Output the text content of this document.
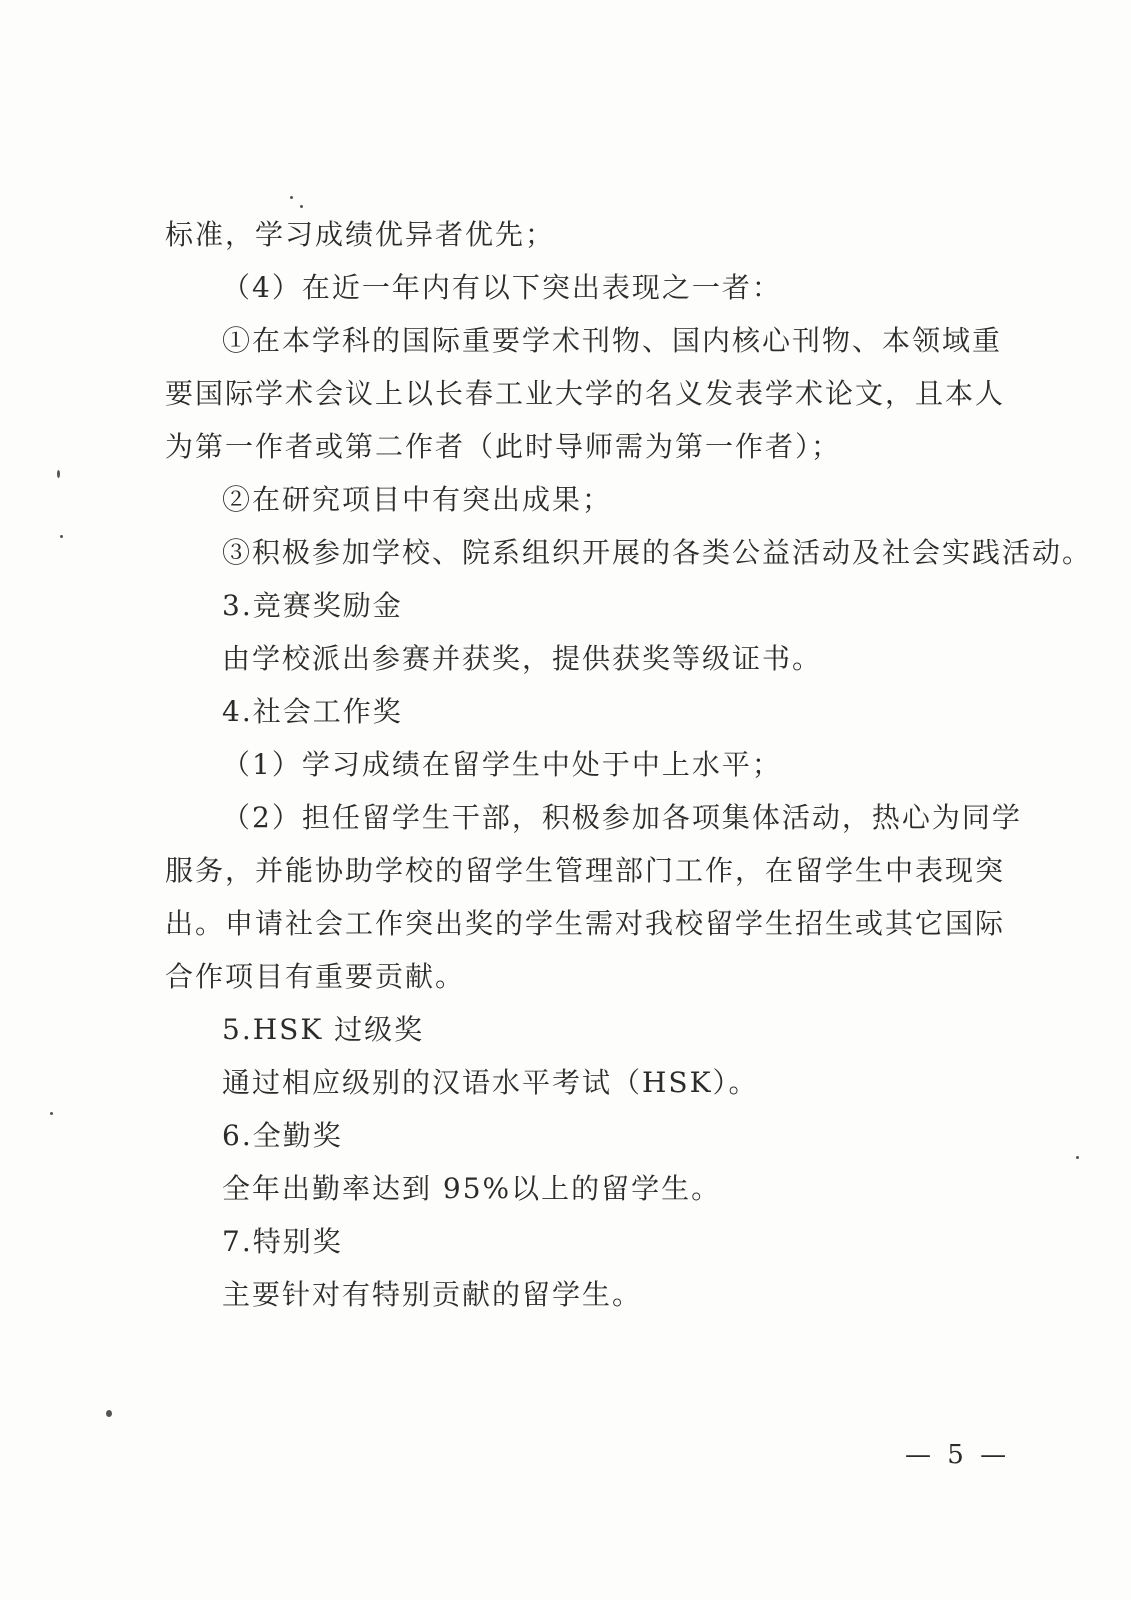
标准，学习成绩优异者优先；
（4）在近一年内有以下突出表现之一者：
①在本学科的国际重要学术刊物、国内核心刊物、本领域重
要国际学术会议上以长春工业大学的名义发表学术论文，且本人
为第一作者或第二作者（此时导师需为第一作者）；
②在研究项目中有突出成果；
③积极参加学校、院系组织开展的各类公益活动及社会实践活动。
3.竞赛奖励金
由学校派出参赛并获奖，提供获奖等级证书。
4.社会工作奖
（1）学习成绩在留学生中处于中上水平；
（2）担任留学生干部，积极参加各项集体活动，热心为同学
服务，并能协助学校的留学生管理部门工作，在留学生中表现突
出。申请社会工作突出奖的学生需对我校留学生招生或其它国际
合作项目有重要贡献。
5.HSK 过级奖
通过相应级别的汉语水平考试（HSK）。
6.全勤奖
全年出勤率达到 95%以上的留学生。
7.特别奖
主要针对有特别贡献的留学生。
— 5 —
